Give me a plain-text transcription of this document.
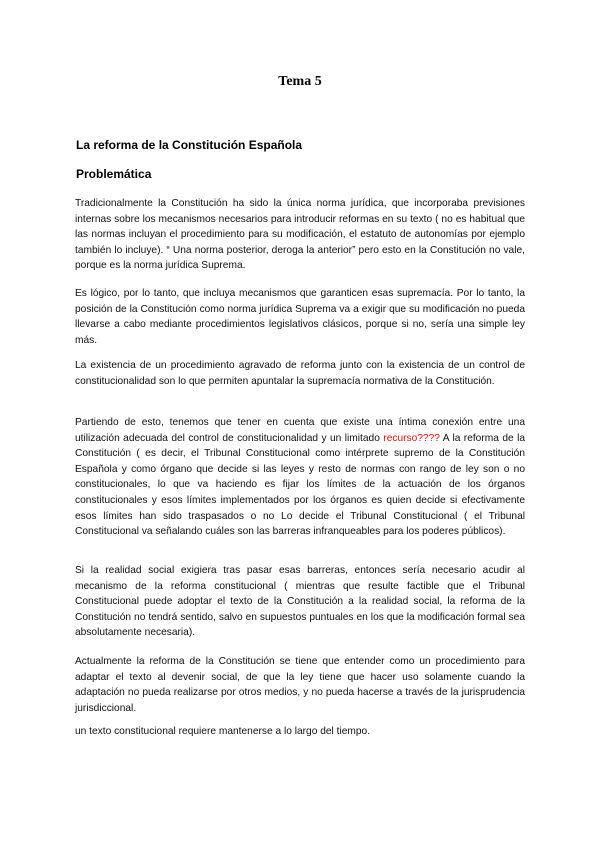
Tema 5
La reforma de la Constitución Española
Problemática

Tradicionalmente la Constitución ha sido la única norma jurídica, que incorporaba previsiones internas sobre los mecanismos necesarios para introducir reformas en su texto ( no es habitual que las normas incluyan el procedimiento para su modificación, el estatuto de autonomías por ejemplo también lo incluye). “ Una norma posterior, deroga la anterior” pero esto en la Constitución no vale, porque es la norma jurídica Suprema.

Es lógico, por lo tanto, que incluya mecanismos que garanticen esas supremacía. Por lo tanto, la posición de la Constitución como norma jurídica Suprema va a exigir que su modificación no pueda llevarse a cabo mediante procedimientos legislativos clásicos, porque si no, sería una simple ley más.

La existencia de un procedimiento agravado de reforma junto con la existencia de un control de constitucionalidad son lo que permiten apuntalar la supremacía normativa de la Constitución.

Partiendo de esto, tenemos que tener en cuenta que existe una íntima conexión entre una utilización adecuada del control de constitucionalidad y un limitado recurso???? A la reforma de la Constitución ( es decir, el Tribunal Constitucional como intérprete supremo de la Constitución Española y como órgano que decide si las leyes y resto de normas con rango de ley son o no constitucionales, lo que va haciendo es fijar los límites de la actuación de los órganos constitucionales y esos límites implementados por los órganos es quien decide si efectivamente esos límites han sido traspasados o no Lo decide el Tribunal Constitucional ( el Tribunal Constitucional va señalando cuáles son las barreras infranqueables para los poderes públicos).

Si la realidad social exigiera tras pasar esas barreras, entonces sería necesario acudir al mecanismo de la reforma constitucional ( mientras que resulte factible que el Tribunal Constitucional puede adoptar el texto de la Constitución a la realidad social, la reforma de la Constitución no tendrá sentido, salvo en supuestos puntuales en los que la modificación formal sea absolutamente necesaria).

Actualmente la reforma de la Constitución se tiene que entender como un procedimiento para adaptar el texto al devenir social, de que la ley tiene que hacer uso solamente cuando la adaptación no pueda realizarse por otros medios, y no pueda hacerse a través de la jurisprudencia jurisdiccional.

un texto constitucional requiere mantenerse a lo largo del tiempo.
